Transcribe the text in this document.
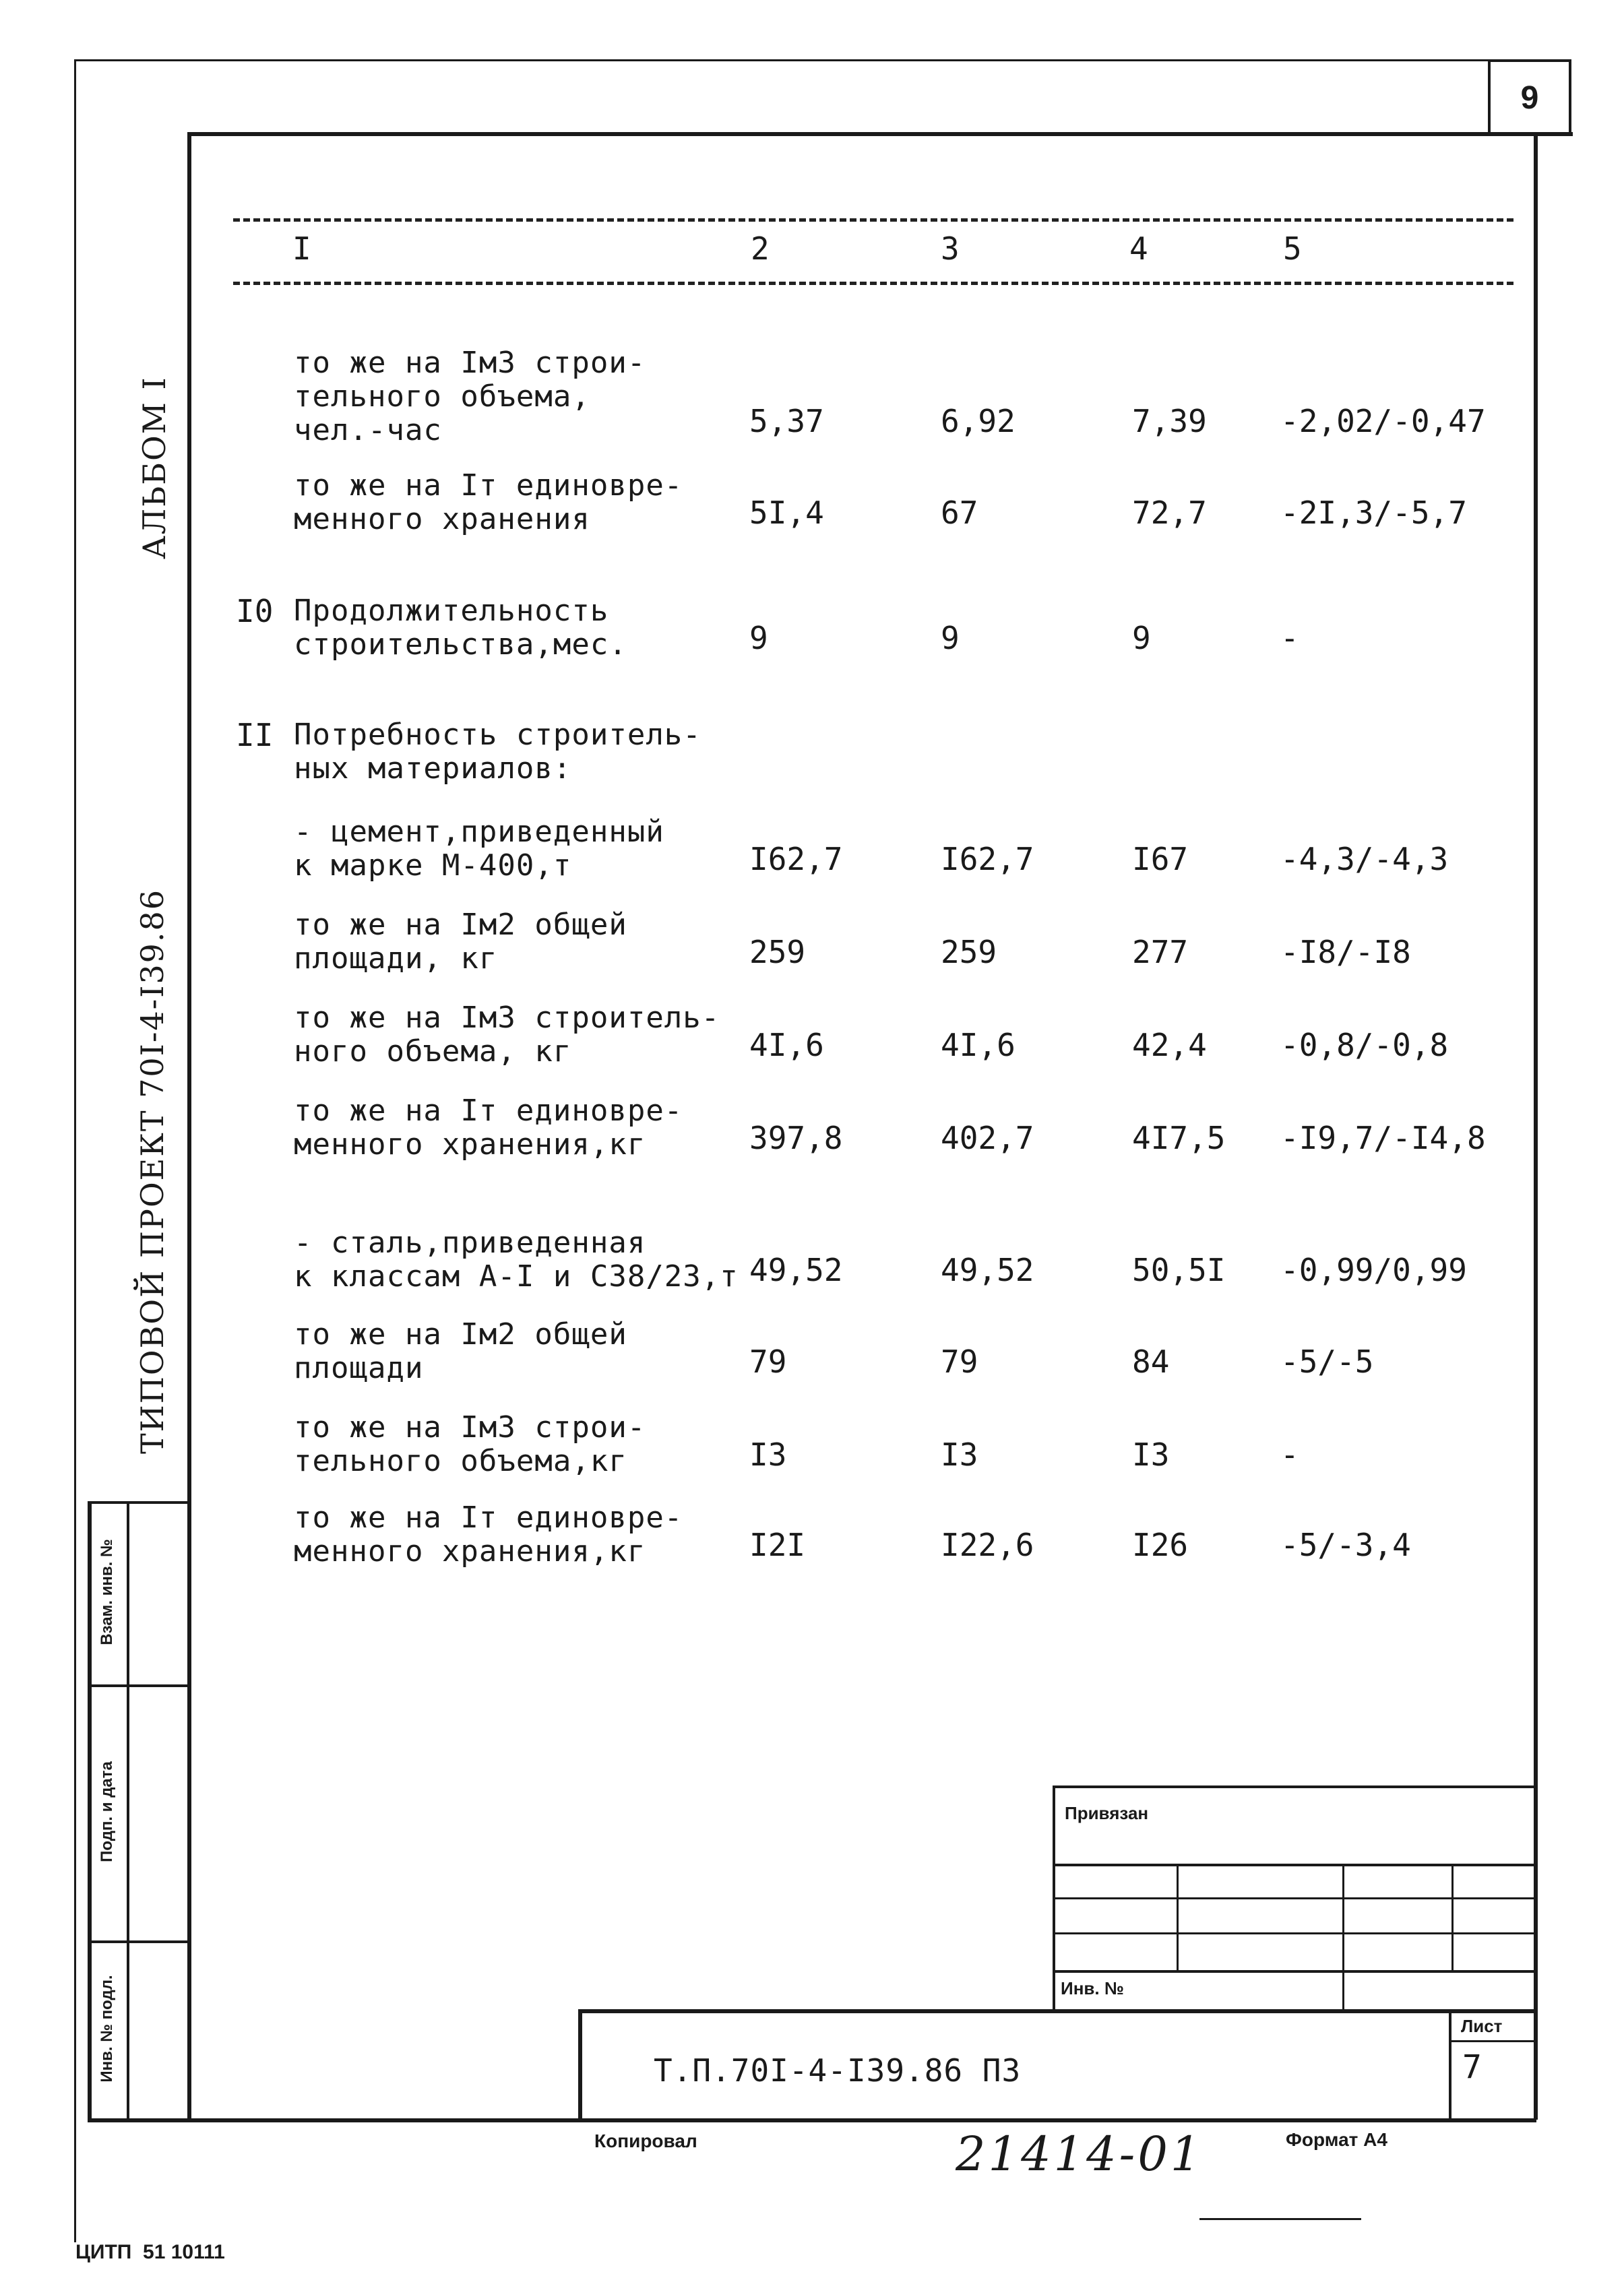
9
Взам. инв. №
Подп. и дата
Инв. № подл.
АЛЬБОМ I
ТИПОВОЙ ПРОЕКТ 70I-4-I39.86
I	2	3	4	5
то же на Iм3 строи-
тельного объема,
чел.-час	5,37	6,92	7,39 -2,02/-0,47
то же на Iт единовре-
менного хранения	5I,4	67	72,7 -2I,3/-5,7
I0 Продолжительность
строительства,мес.	9	9	9	-
II Потребность строитель-
ных материалов:
- цемент,приведенный
к марке М-400,т	I62,7	I62,7	I67	-4,3/-4,3
то же на Iм2 общей
площади, кг	259	259	277	-I8/-I8
то же на Iм3 строитель-
ного объема, кг	4I,6	4I,6	42,4 -0,8/-0,8
то же на Iт единовре-
менного хранения,кг	397,8	402,7	4I7,5 -I9,7/-I4,8
- сталь,приведенная
к классам А-I и С38/23,т 49,52	49,52	50,5I -0,99/0,99
то же на Iм2 общей
площади	79	79	84	-5/-5
то же на Iм3 строи-
тельного объема,кг	I3	I3	I3	-
то же на Iт единовре-
менного хранения,кг	I2I	I22,6	I26	-5/-3,4
Привязан
Инв. №
Лист
7
Т.П.70I-4-I39.86 ПЗ
Копировал	21414-01	Формат А4
ЦИТП  51 10111
